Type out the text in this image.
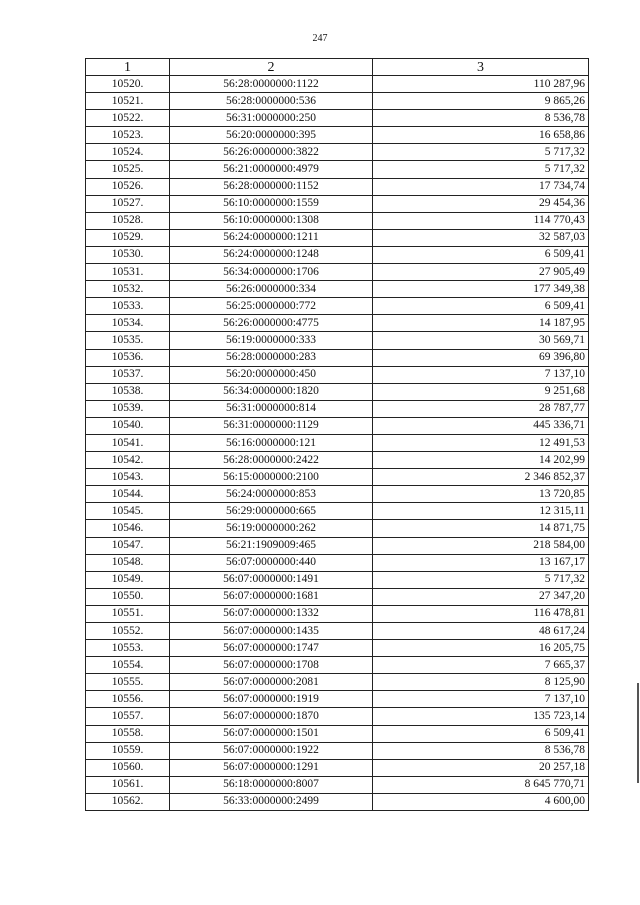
247
1	2	3
10520.	56:28:0000000:1122	110 287,96
10521.	56:28:0000000:536	9 865,26
10522.	56:31:0000000:250	8 536,78
10523.	56:20:0000000:395	16 658,86
10524.	56:26:0000000:3822	5 717,32
10525.	56:21:0000000:4979	5 717,32
10526.	56:28:0000000:1152	17 734,74
10527.	56:10:0000000:1559	29 454,36
10528.	56:10:0000000:1308	114 770,43
10529.	56:24:0000000:1211	32 587,03
10530.	56:24:0000000:1248	6 509,41
10531.	56:34:0000000:1706	27 905,49
10532.	56:26:0000000:334	177 349,38
10533.	56:25:0000000:772	6 509,41
10534.	56:26:0000000:4775	14 187,95
10535.	56:19:0000000:333	30 569,71
10536.	56:28:0000000:283	69 396,80
10537.	56:20:0000000:450	7 137,10
10538.	56:34:0000000:1820	9 251,68
10539.	56:31:0000000:814	28 787,77
10540.	56:31:0000000:1129	445 336,71
10541.	56:16:0000000:121	12 491,53
10542.	56:28:0000000:2422	14 202,99
10543.	56:15:0000000:2100	2 346 852,37
10544.	56:24:0000000:853	13 720,85
10545.	56:29:0000000:665	12 315,11
10546.	56:19:0000000:262	14 871,75
10547.	56:21:1909009:465	218 584,00
10548.	56:07:0000000:440	13 167,17
10549.	56:07:0000000:1491	5 717,32
10550.	56:07:0000000:1681	27 347,20
10551.	56:07:0000000:1332	116 478,81
10552.	56:07:0000000:1435	48 617,24
10553.	56:07:0000000:1747	16 205,75
10554.	56:07:0000000:1708	7 665,37
10555.	56:07:0000000:2081	8 125,90
10556.	56:07:0000000:1919	7 137,10
10557.	56:07:0000000:1870	135 723,14
10558.	56:07:0000000:1501	6 509,41
10559.	56:07:0000000:1922	8 536,78
10560.	56:07:0000000:1291	20 257,18
10561.	56:18:0000000:8007	8 645 770,71
10562.	56:33:0000000:2499	4 600,00
